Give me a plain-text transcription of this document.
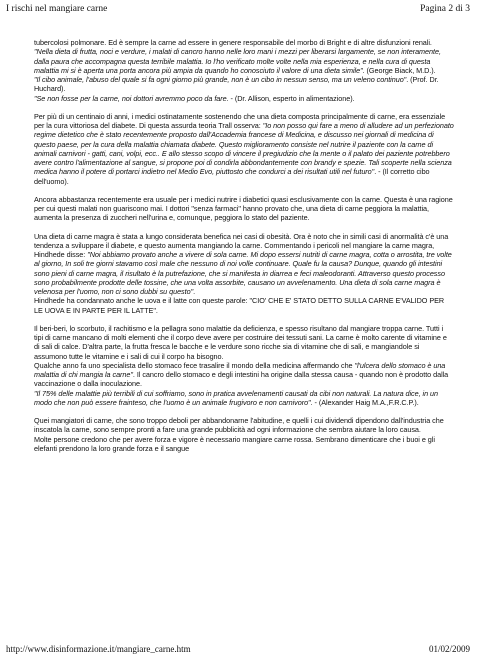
I rischi nel mangiare carne	Pagina 2 di 3

tubercolosi polmonare. Ed è sempre la carne ad essere in genere responsabile del morbo di Bright e di altre disfunzioni renali.

"Nella dieta di frutta, noci e verdure, i malati di cancro hanno nelle loro mani i mezzi per liberarsi largamente, se non interamente, dalla paura che accompagna questa terribile malattia. Io l'ho verificato molte volte nella mia esperienza, e nella cura di questa malattia mi si è aperta una porta ancora più ampia da quando ho conosciuto il valore di una dieta simile". (George Biack, M.D.).

"Il cibo animale, l'abuso del quale si fa ogni giorno più grande, non è un cibo in nessun senso, ma un veleno continuo". (Prof. Dr. Huchard).

"Se non fosse per la carne, noi dottori avremmo poco da fare. - (Dr. Allison, esperto in alimentazione).

Per più di un centinaio di anni, i medici ostinatamente sostenendo che una dieta composta principalmente di carne, era essenziale per la cura vittoriosa del diabete. Di questa assurda teoria Trall osserva: "Io non posso qui fare a meno di alludere ad un perfezionato regime dietetico che è stato recentemente proposto dall'Accademia francese di Medicina, e discusso nei giornali di medicina di questo paese, per la cura della malattia chiamata diabete. Questo miglioramento consiste nel nutrire il paziente con la carne di animali carnivori - gatti, cani, volpi, ecc.. E allo stesso scopo di vincere il pregiudizio che la mente o il palato dei paziente potrebbero avere contro l'alimentazione al sangue, si propone poi di condirla abbondantemente con brandy e spezie. Tali scoperte nella scienza medica hanno il potere di portarci indietro nel Medio Evo, piuttosto che condurci a dei risultati utili nel futuro". - (Il corretto cibo dell'uomo).

Ancora abbastanza recentemente era usuale per i medici nutrire i diabetici quasi esclusivamente con la carne. Questa è una ragione per cui questi malati non guariscono mai. I dottori "senza farmaci" hanno provato che, una dieta di carne peggiora la malattia, aumenta la presenza di zuccheri nell'urina e, comunque, peggiora lo stato del paziente.

Una dieta di carne magra è stata a lungo considerata benefica nei casi di obesità. Ora è noto che in simili casi di anormalità c'è una tendenza a sviluppare il diabete, e questo aumenta mangiando la carne. Commentando i pericoli nel mangiare la carne magra, Hindhede disse: "Noi abbiamo provato anche a vivere di sola carne. Mi dopo essersi nutriti di carne magra, cotta o arrostita, tre volte al giorno, In soli tre giorni stavamo così male che nessuno di noi volle continuare. Quale fu la causa? Dunque, quando gli intestini sono pieni di carne magra, il risultato è la putrefazione, che si manifesta in diarrea e feci maleodoranti. Attraverso questo processo sono probabilmente prodotte delle tossine, che una volta assorbite, causano un avvelenamento. Una dieta di sola carne magra è velenosa per l'uomo, non ci sono dubbi su questo".

Hindhede ha condannato anche le uova e il latte con queste parole: "CIO' CHE E' STATO DETTO SULLA CARNE E'VALIDO PER LE UOVA E IN PARTE PER IL LATTE".

Il beri-beri, lo scorbuto, il rachitismo e la pellagra sono malattie da deficienza, e spesso risultano dal mangiare troppa carne. Tutti i tipi di carne mancano di molti elementi che il corpo deve avere per costruire dei tessuti sani. La carne è molto carente di vitamine e di sali di calce. D'altra parte, la frutta fresca le bacche e le verdure sono ricche sia di vitamine che di sali, e mangiandole si assumono tutte le vitamine e i sali di cui il corpo ha bisogno.

Qualche anno fa uno specialista dello stomaco fece trasalire il mondo della medicina affermando che "l'ulcera dello stomaco è una malattia di chi mangia la carne". Il cancro dello stomaco e degli intestini ha origine dalla stessa causa - quando non è prodotto dalla vaccinazione o dalla inoculazione.

"Il 75% delle malattie più terribili di cui soffriamo, sono in pratica avvelenamenti causati da cibi non naturali. La natura dice, in un modo che non può essere frainteso, che l'uomo è un animale frugivoro e non carnivoro". - (Alexander Haig M.A.,F.R.C.P.).

Quei mangiatori di carne, che sono troppo deboli per abbandonarne l'abitudine, e quelli i cui dividendi dipendono dall'industria che inscatola la carne, sono sempre pronti a fare una grande pubblicità ad ogni informazione che sembra aiutare la loro causa.

Molte persone credono che per avere forza e vigore è necessario mangiare carne rossa. Sembrano dimenticare che i buoi e gli elefanti prendono la loro grande forza e il sangue

http://www.disinformazione.it/mangiare_carne.htm	01/02/2009
